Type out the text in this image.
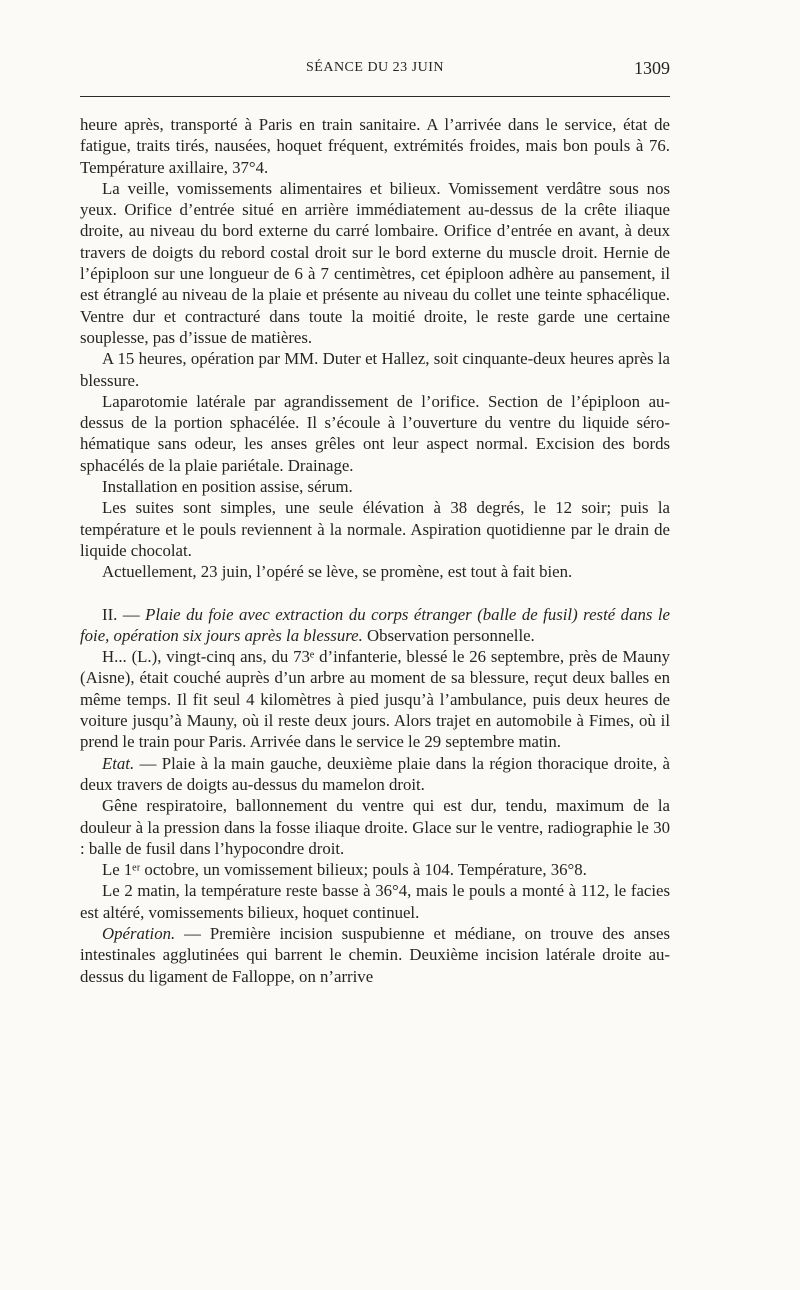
SÉANCE DU 23 JUIN	1309

heure après, transporté à Paris en train sanitaire. A l’arrivée dans le service, état de fatigue, traits tirés, nausées, hoquet fréquent, extrémités froides, mais bon pouls à 76. Température axillaire, 37°4.

La veille, vomissements alimentaires et bilieux. Vomissement verdâtre sous nos yeux. Orifice d’entrée situé en arrière immédiatement au-dessus de la crête iliaque droite, au niveau du bord externe du carré lombaire. Orifice d’entrée en avant, à deux travers de doigts du rebord costal droit sur le bord externe du muscle droit. Hernie de l’épiploon sur une longueur de 6 à 7 centimètres, cet épiploon adhère au pansement, il est étranglé au niveau de la plaie et présente au niveau du collet une teinte sphacélique. Ventre dur et contracturé dans toute la moitié droite, le reste garde une certaine souplesse, pas d’issue de matières.

A 15 heures, opération par MM. Duter et Hallez, soit cinquante-deux heures après la blessure.

Laparotomie latérale par agrandissement de l’orifice. Section de l’épiploon au-dessus de la portion sphacélée. Il s’écoule à l’ouverture du ventre du liquide séro-hématique sans odeur, les anses grêles ont leur aspect normal. Excision des bords sphacélés de la plaie pariétale. Drainage.

Installation en position assise, sérum.

Les suites sont simples, une seule élévation à 38 degrés, le 12 soir; puis la température et le pouls reviennent à la normale. Aspiration quotidienne par le drain de liquide chocolat.

Actuellement, 23 juin, l’opéré se lève, se promène, est tout à fait bien.

II. — Plaie du foie avec extraction du corps étranger (balle de fusil) resté dans le foie, opération six jours après la blessure. Observation personnelle.

H... (L.), vingt-cinq ans, du 73ᵉ d’infanterie, blessé le 26 septembre, près de Mauny (Aisne), était couché auprès d’un arbre au moment de sa blessure, reçut deux balles en même temps. Il fit seul 4 kilomètres à pied jusqu’à l’ambulance, puis deux heures de voiture jusqu’à Mauny, où il reste deux jours. Alors trajet en automobile à Fimes, où il prend le train pour Paris. Arrivée dans le service le 29 septembre matin.

Etat. — Plaie à la main gauche, deuxième plaie dans la région thoracique droite, à deux travers de doigts au-dessus du mamelon droit.

Gêne respiratoire, ballonnement du ventre qui est dur, tendu, maximum de la douleur à la pression dans la fosse iliaque droite. Glace sur le ventre, radiographie le 30 : balle de fusil dans l’hypocondre droit.

Le 1ᵉʳ octobre, un vomissement bilieux; pouls à 104. Température, 36°8.

Le 2 matin, la température reste basse à 36°4, mais le pouls a monté à 112, le facies est altéré, vomissements bilieux, hoquet continuel.

Opération. — Première incision suspubienne et médiane, on trouve des anses intestinales agglutinées qui barrent le chemin. Deuxième incision latérale droite au-dessus du ligament de Falloppe, on n’arrive
